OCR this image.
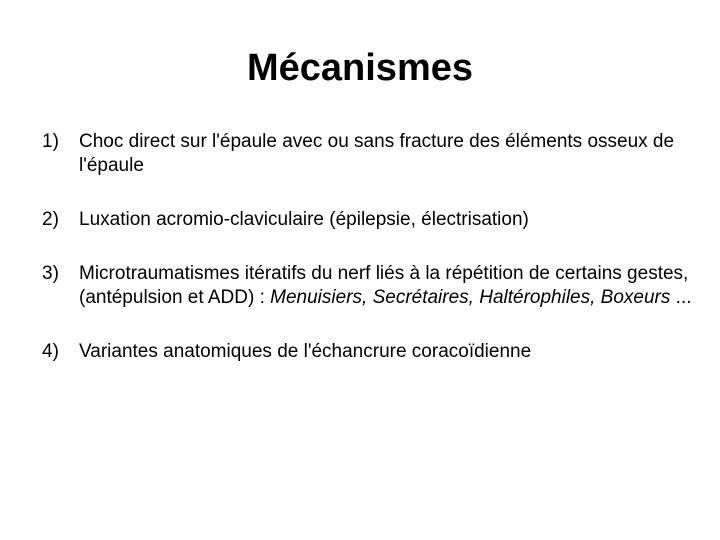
Mécanismes
1) Choc direct sur l'épaule avec ou sans fracture des éléments osseux de l'épaule
2) Luxation acromio-claviculaire (épilepsie, électrisation)
3) Microtraumatismes itératifs du nerf liés à la répétition de certains gestes, (antépulsion et ADD) : Menuisiers, Secrétaires, Haltérophiles, Boxeurs ...
4) Variantes anatomiques de l'échancrure coracoïdienne
